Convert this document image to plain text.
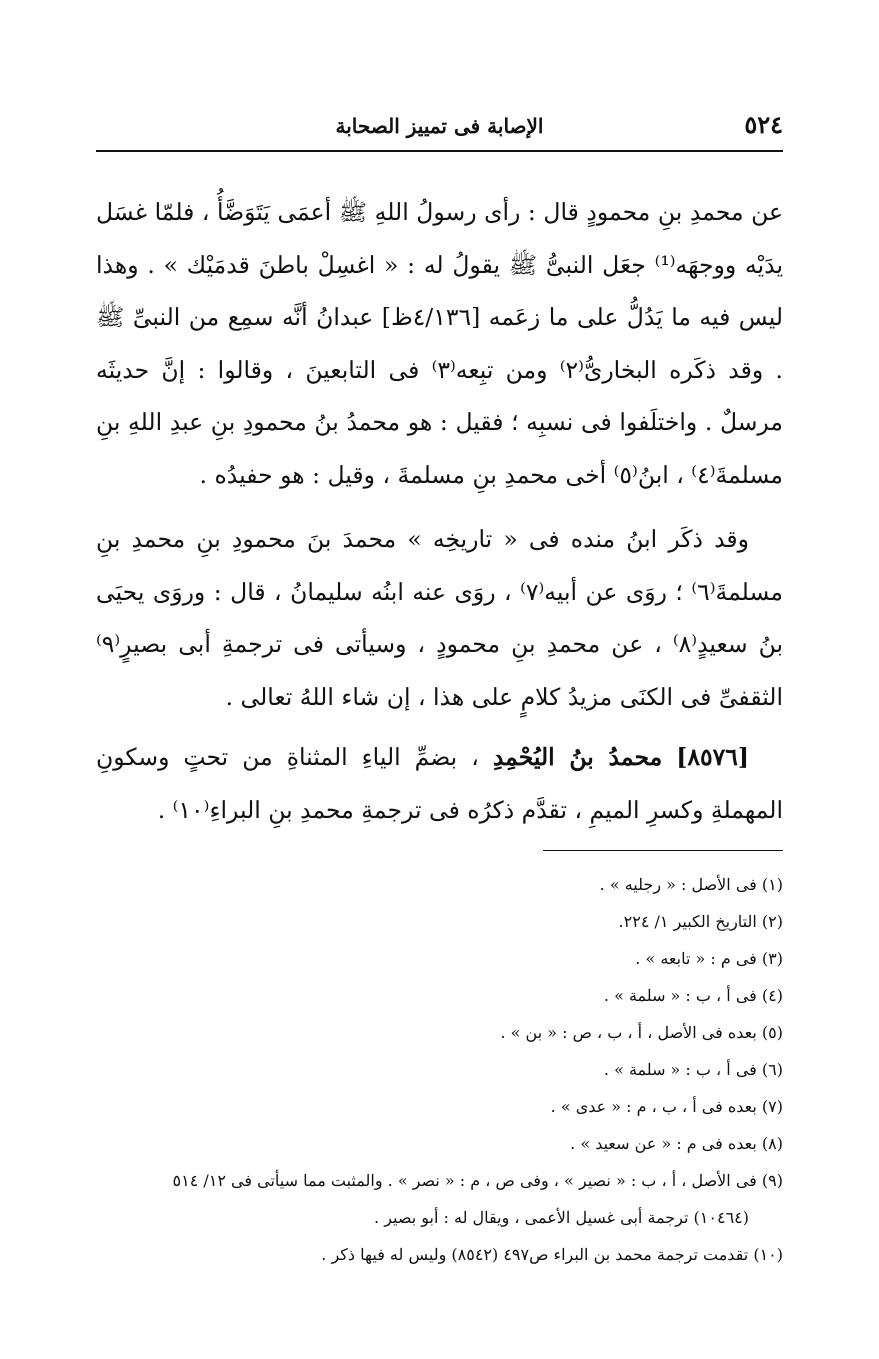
٥٢٤
الإصابة فى تمييز الصحابة

عن محمدِ بنِ محمودٍ قال : رأى رسولُ اللهِ ﷺ أعمَى يَتَوَضَّأُ ، فلمّا غسَل يدَيْه ووجهَه⁽¹⁾ جعَل النبىُّ ﷺ يقولُ له : « اغسِلْ باطنَ قدمَيْك » . وهذا ليس فيه ما يَدُلُّ على ما زعَمه [٤/١٣٦ظ] عبدانُ أنَّه سمِع من النبىِّ ﷺ . وقد ذكَره البخارىُّ⁽٢⁾ ومن تبِعه⁽٣⁾ فى التابعينَ ، وقالوا : إنَّ حديثَه مرسلٌ . واختلَفوا فى نسبِه ؛ فقيل : هو محمدُ بنُ محمودِ بنِ عبدِ اللهِ بنِ مسلمةَ⁽٤⁾ ، ابنُ⁽٥⁾ أخى محمدِ بنِ مسلمةَ ، وقيل : هو حفيدُه .

وقد ذكَر ابنُ منده فى « تاريخِه » محمدَ بنَ محمودِ بنِ محمدِ بنِ مسلمةَ⁽٦⁾ ؛ روَى عن أبيه⁽٧⁾ ، روَى عنه ابنُه سليمانُ ، قال : وروَى يحيَى بنُ سعيدٍ⁽٨⁾ ، عن محمدِ بنِ محمودٍ ، وسيأتى فى ترجمةِ أبى بصيرٍ⁽٩⁾ الثقفىِّ فى الكنَى مزيدُ كلامٍ على هذا ، إن شاء اللهُ تعالى .

[٨٥٧٦] محمدُ بنُ اليُحْمِدِ ، بضمِّ الياءِ المثناةِ من تحتٍ وسكونِ المهملةِ وكسرِ الميمِ ، تقدَّم ذكرُه فى ترجمةِ محمدِ بنِ البراءِ⁽١٠⁾ .

(١) فى الأصل : « رجليه » .
(٢) التاريخ الكبير ١/ ٢٢٤.
(٣) فى م : « تابعه » .
(٤) فى أ ، ب : « سلمة » .
(٥) بعده فى الأصل ، أ ، ب ، ص : « بن » .
(٦) فى أ ، ب : « سلمة » .
(٧) بعده فى أ ، ب ، م : « عدى » .
(٨) بعده فى م : « عن سعيد » .
(٩) فى الأصل ، أ ، ب : « نصير » ، وفى ص ، م : « نصر » . والمثبت مما سيأتى فى ١٢/ ٥١٤
(١٠٤٦٤) ترجمة أبى غسيل الأعمى ، ويقال له : أبو بصير .
(١٠) تقدمت ترجمة محمد بن البراء ص٤٩٧ (٨٥٤٢) وليس له فيها ذكر .
